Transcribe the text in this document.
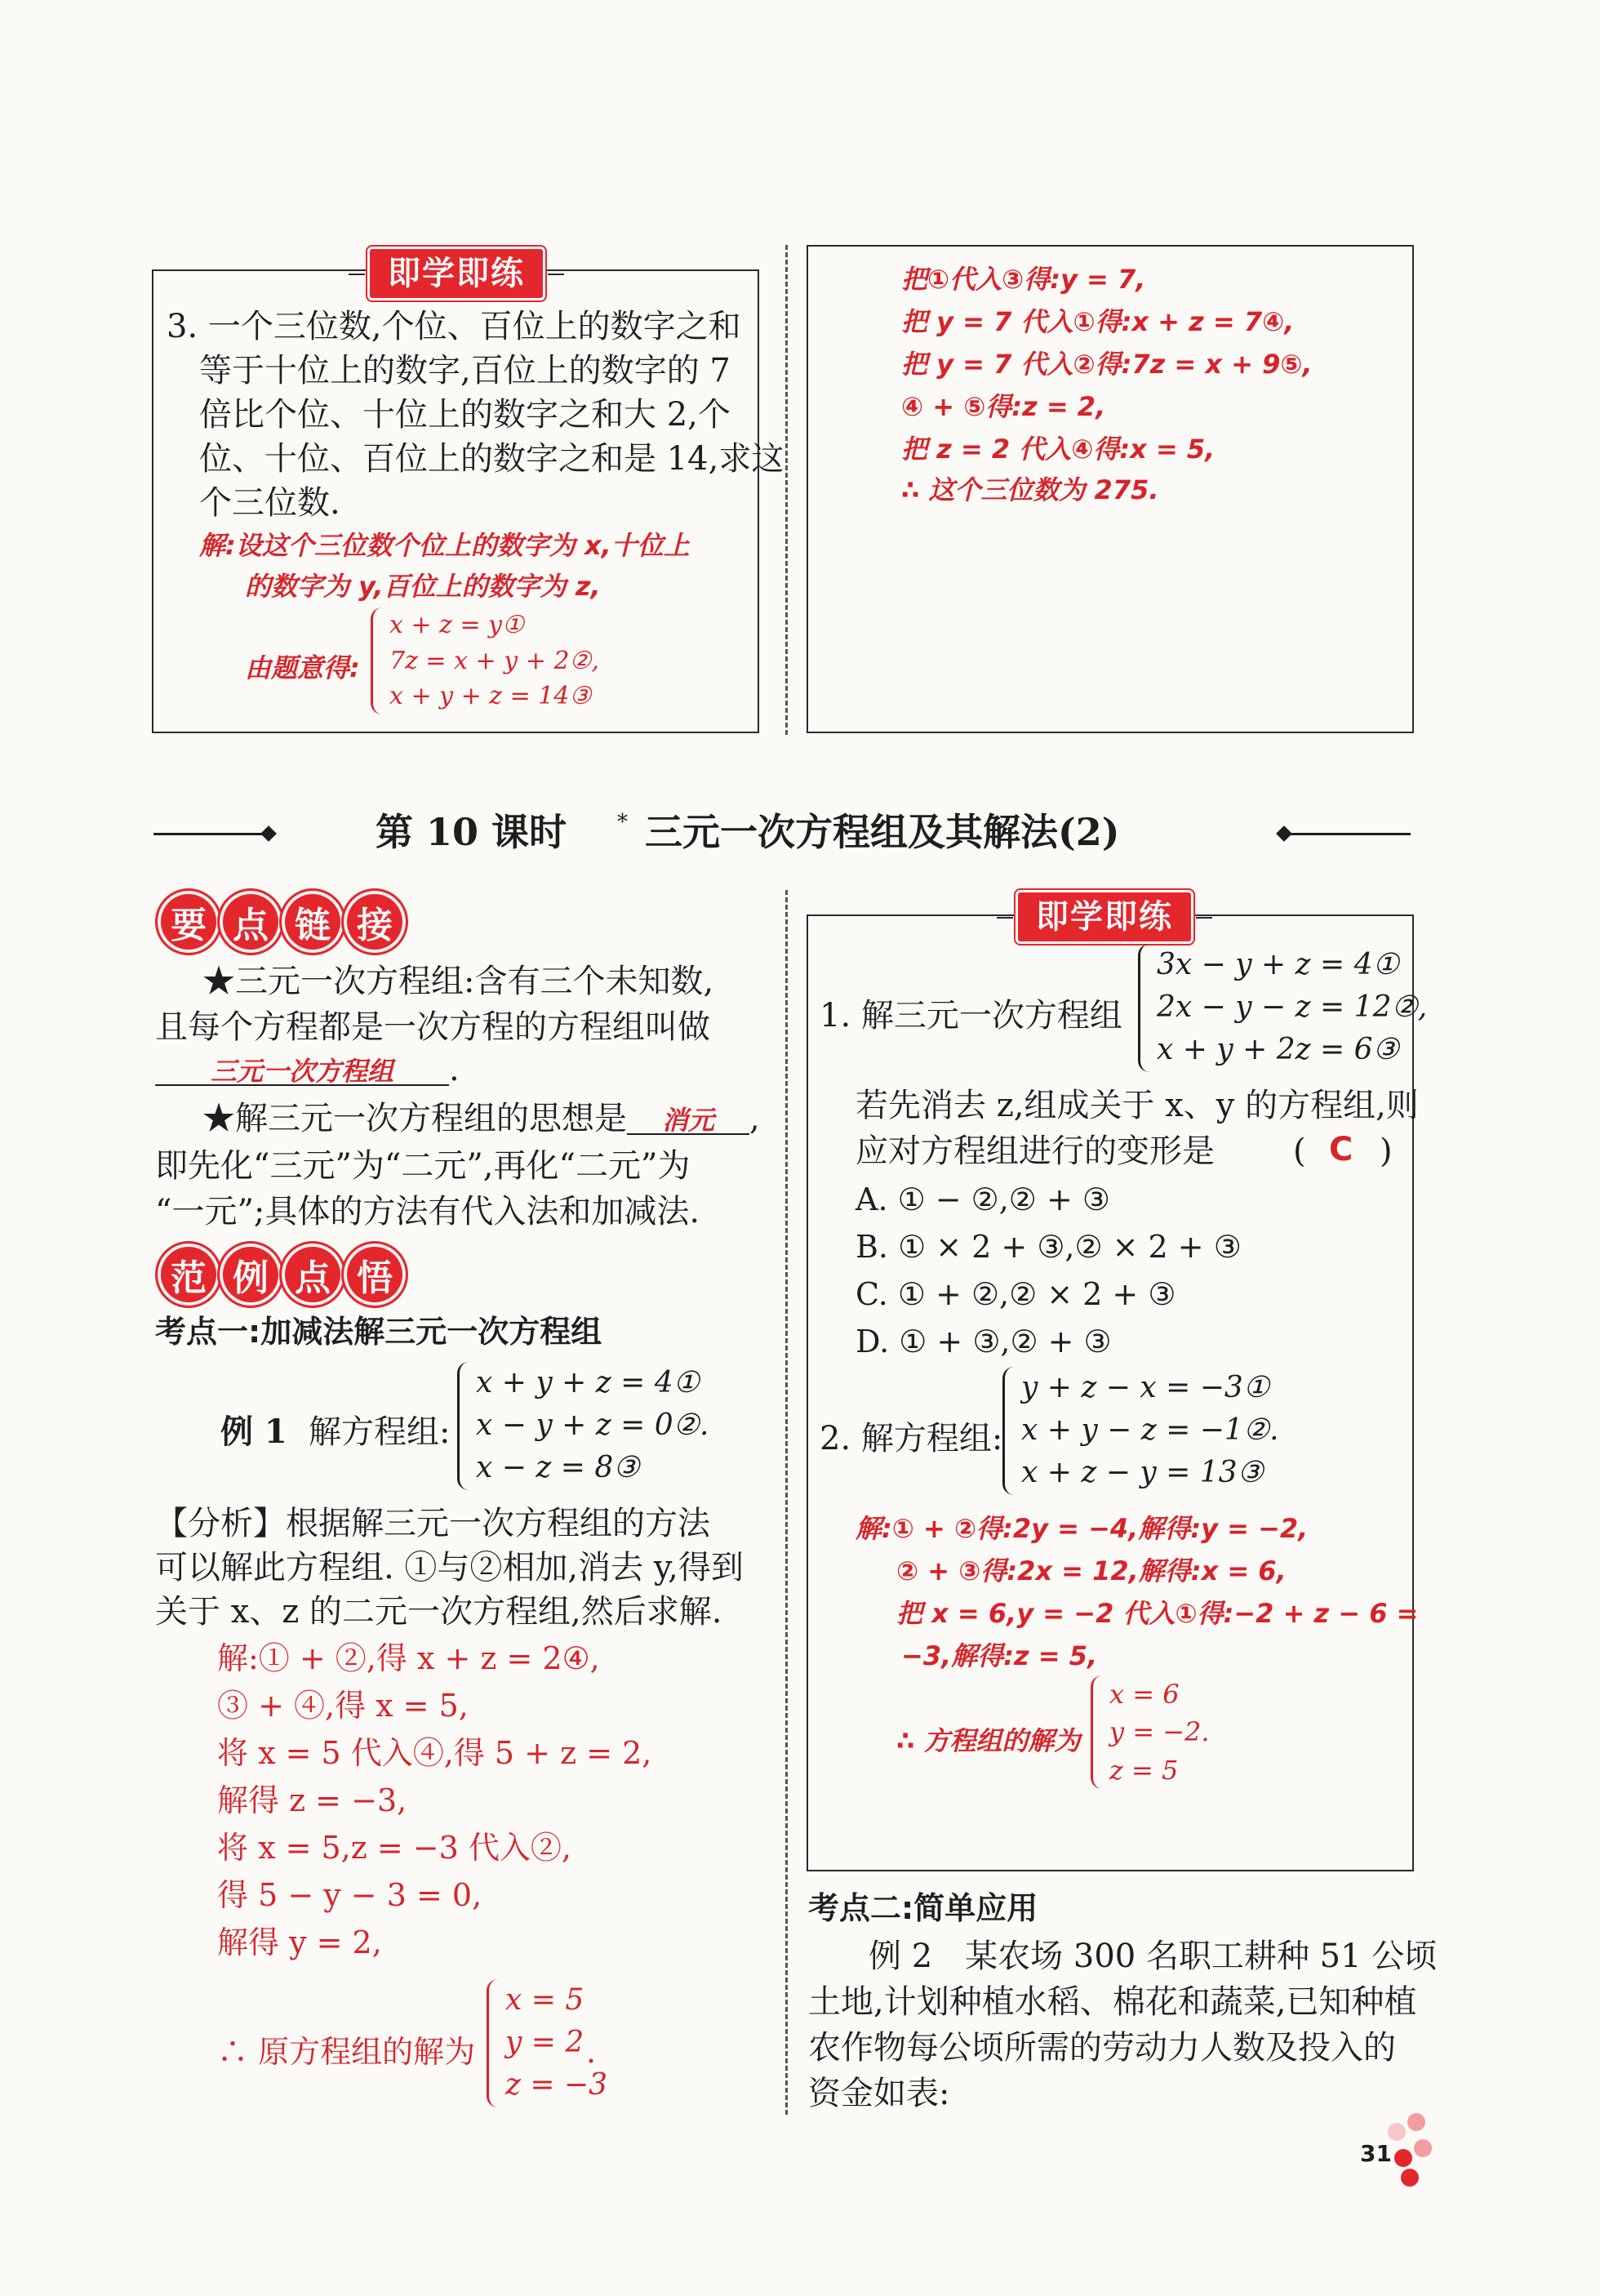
即学即练
3. 一个三位数,个位、百位上的数字之和
等于十位上的数字,百位上的数字的 7
倍比个位、十位上的数字之和大 2,个
位、十位、百位上的数字之和是 14,求这
个三位数.
解:设这个三位数个位上的数字为 x,十位上
的数字为 y,百位上的数字为 z,
由题意得:
x + z = y①
7z = x + y + 2②,
x + y + z = 14③
把①代入③得:y = 7,
把 y = 7 代入①得:x + z = 7④,
把 y = 7 代入②得:7z = x + 9⑤,
④ + ⑤得:z = 2,
把 z = 2 代入④得:x = 5,
∴ 这个三位数为 275.
第 10 课时 * 三元一次方程组及其解法(2)
要 点 链 接
★三元一次方程组:含有三个未知数,
且每个方程都是一次方程的方程组叫做
三元一次方程组 .
★解三元一次方程组的思想是 消元 ,
即先化“三元”为“二元”,再化“二元”为
“一元”;具体的方法有代入法和加减法.
范 例 点 悟
考点一:加减法解三元一次方程组
例 1 解方程组:
x + y + z = 4①
x − y + z = 0②.
x − z = 8③
【分析】根据解三元一次方程组的方法
可以解此方程组. ①与②相加,消去 y,得到
关于 x、z 的二元一次方程组,然后求解.
解:① + ②,得 x + z = 2④,
③ + ④,得 x = 5,
将 x = 5 代入④,得 5 + z = 2,
解得 z = −3,
将 x = 5,z = −3 代入②,
得 5 − y − 3 = 0,
解得 y = 2,
∴ 原方程组的解为
x = 5
y = 2
z = −3
.
即学即练
1. 解三元一次方程组
3x − y + z = 4①
2x − y − z = 12②,
x + y + 2z = 6③
若先消去 z,组成关于 x、y 的方程组,则
应对方程组进行的变形是 ( C )
A. ① − ②,② + ③
B. ① × 2 + ③,② × 2 + ③
C. ① + ②,② × 2 + ③
D. ① + ③,② + ③
2. 解方程组:
y + z − x = −3①
x + y − z = −1②.
x + z − y = 13③
解:① + ②得:2y = −4,解得:y = −2,
② + ③得:2x = 12,解得:x = 6,
把 x = 6,y = −2 代入①得:−2 + z − 6 =
−3,解得:z = 5,
∴ 方程组的解为
x = 6
y = −2.
z = 5
考点二:简单应用
例 2　某农场 300 名职工耕种 51 公顷
土地,计划种植水稻、棉花和蔬菜,已知种植
农作物每公顷所需的劳动力人数及投入的
资金如表:
31
